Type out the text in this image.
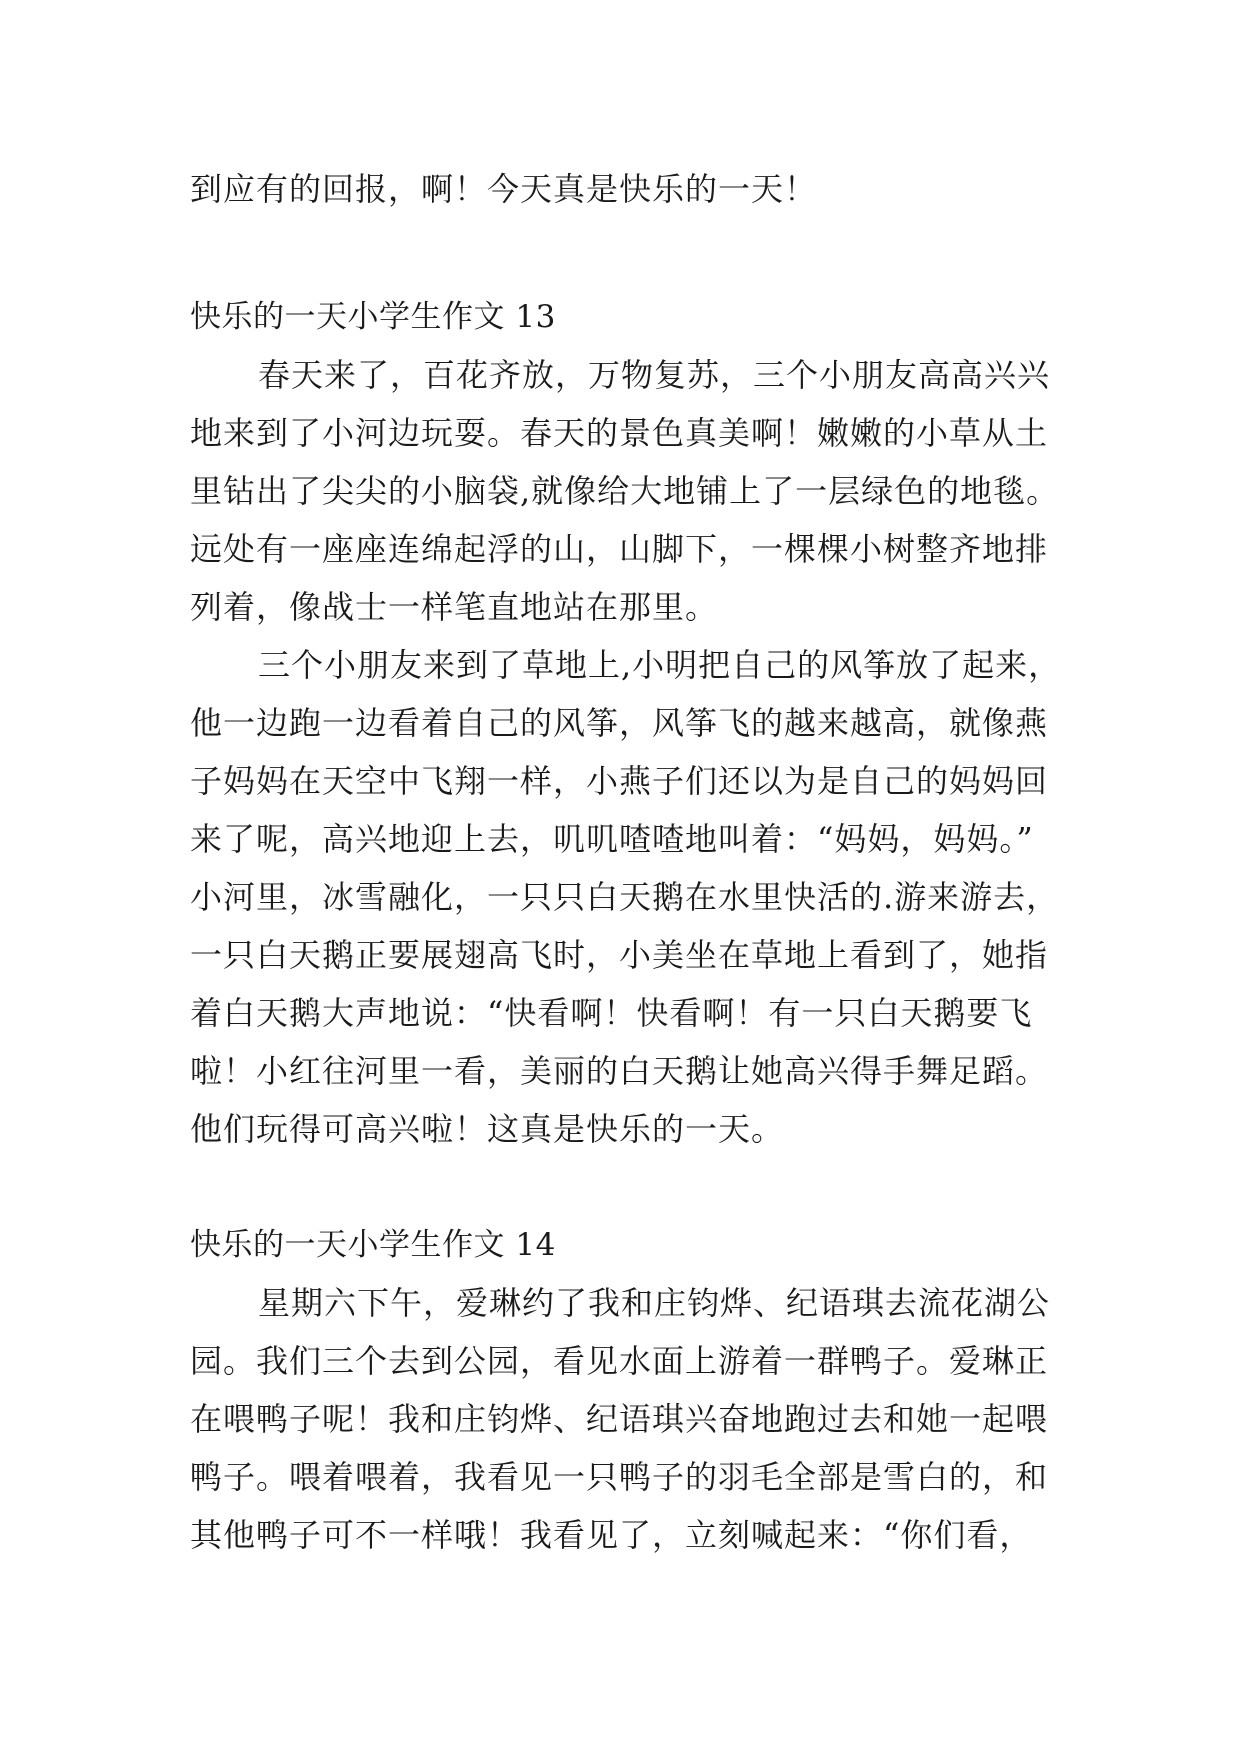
到应有的回报，啊！今天真是快乐的一天！
快乐的一天小学生作文 13
春天来了，百花齐放，万物复苏，三个小朋友高高兴兴
地来到了小河边玩耍。春天的景色真美啊！嫩嫩的小草从土
里钻出了尖尖的小脑袋,就像给大地铺上了一层绿色的地毯。
远处有一座座连绵起浮的山，山脚下，一棵棵小树整齐地排
列着，像战士一样笔直地站在那里。
三个小朋友来到了草地上,小明把自己的风筝放了起来，
他一边跑一边看着自己的风筝，风筝飞的越来越高，就像燕
子妈妈在天空中飞翔一样，小燕子们还以为是自己的妈妈回
来了呢，高兴地迎上去，叽叽喳喳地叫着：“妈妈，妈妈。”
小河里，冰雪融化，一只只白天鹅在水里快活的.游来游去，
一只白天鹅正要展翅高飞时，小美坐在草地上看到了，她指
着白天鹅大声地说：“快看啊！快看啊！有一只白天鹅要飞
啦！小红往河里一看，美丽的白天鹅让她高兴得手舞足蹈。
他们玩得可高兴啦！这真是快乐的一天。
快乐的一天小学生作文 14
星期六下午，爱琳约了我和庄钧烨、纪语琪去流花湖公
园。我们三个去到公园，看见水面上游着一群鸭子。爱琳正
在喂鸭子呢！我和庄钧烨、纪语琪兴奋地跑过去和她一起喂
鸭子。喂着喂着，我看见一只鸭子的羽毛全部是雪白的，和
其他鸭子可不一样哦！我看见了，立刻喊起来：“你们看，
